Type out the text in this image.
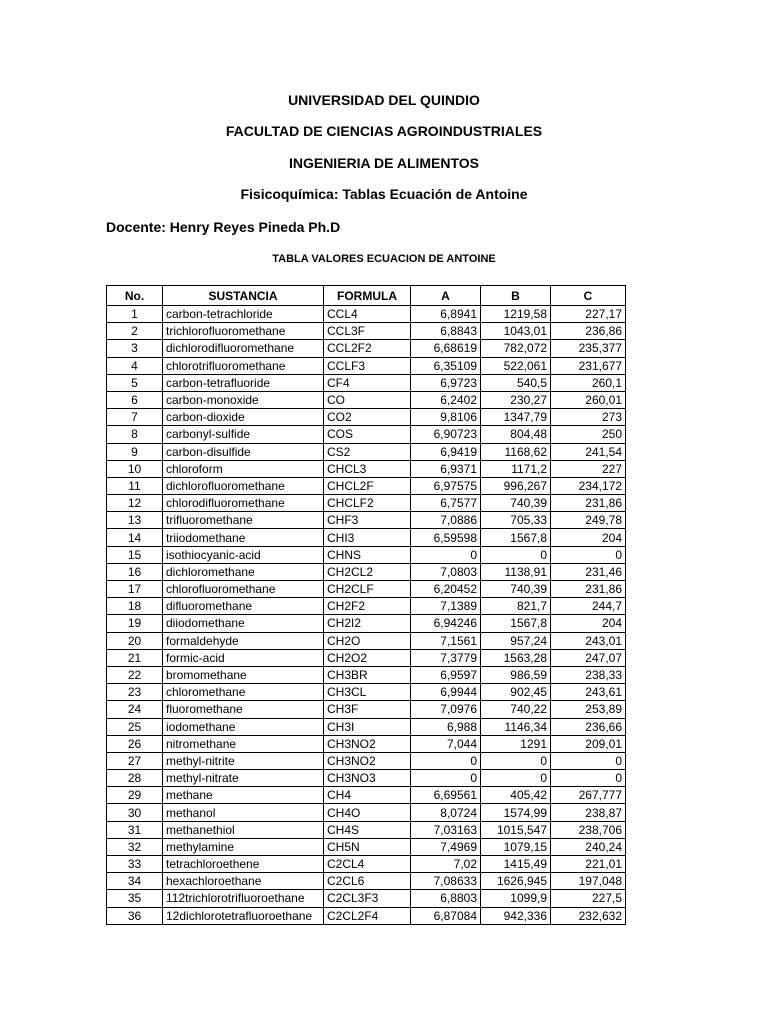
UNIVERSIDAD DEL QUINDIO
FACULTAD DE CIENCIAS AGROINDUSTRIALES
INGENIERIA DE ALIMENTOS
Fisicoquímica: Tablas Ecuación de Antoine
Docente: Henry Reyes Pineda Ph.D
TABLA VALORES ECUACION DE ANTOINE
No.	SUSTANCIA	FORMULA	A	B	C
1	carbon-tetrachloride	CCL4	6,8941	1219,58	227,17
2	trichlorofluoromethane	CCL3F	6,8843	1043,01	236,86
3	dichlorodifluoromethane	CCL2F2	6,68619	782,072	235,377
4	chlorotrifluoromethane	CCLF3	6,35109	522,061	231,677
5	carbon-tetrafluoride	CF4	6,9723	540,5	260,1
6	carbon-monoxide	CO	6,2402	230,27	260,01
7	carbon-dioxide	CO2	9,8106	1347,79	273
8	carbonyl-sulfide	COS	6,90723	804,48	250
9	carbon-disulfide	CS2	6,9419	1168,62	241,54
10	chloroform	CHCL3	6,9371	1171,2	227
11	dichlorofluoromethane	CHCL2F	6,97575	996,267	234,172
12	chlorodifluoromethane	CHCLF2	6,7577	740,39	231,86
13	trifluoromethane	CHF3	7,0886	705,33	249,78
14	triiodomethane	CHI3	6,59598	1567,8	204
15	isothiocyanic-acid	CHNS	0	0	0
16	dichloromethane	CH2CL2	7,0803	1138,91	231,46
17	chlorofluoromethane	CH2CLF	6,20452	740,39	231,86
18	difluoromethane	CH2F2	7,1389	821,7	244,7
19	diiodomethane	CH2I2	6,94246	1567,8	204
20	formaldehyde	CH2O	7,1561	957,24	243,01
21	formic-acid	CH2O2	7,3779	1563,28	247,07
22	bromomethane	CH3BR	6,9597	986,59	238,33
23	chloromethane	CH3CL	6,9944	902,45	243,61
24	fluoromethane	CH3F	7,0976	740,22	253,89
25	iodomethane	CH3I	6,988	1146,34	236,66
26	nitromethane	CH3NO2	7,044	1291	209,01
27	methyl-nitrite	CH3NO2	0	0	0
28	methyl-nitrate	CH3NO3	0	0	0
29	methane	CH4	6,69561	405,42	267,777
30	methanol	CH4O	8,0724	1574,99	238,87
31	methanethiol	CH4S	7,03163	1015,547	238,706
32	methylamine	CH5N	7,4969	1079,15	240,24
33	tetrachloroethene	C2CL4	7,02	1415,49	221,01
34	hexachloroethane	C2CL6	7,08633	1626,945	197,048
35	112trichlorotrifluoroethane	C2CL3F3	6,8803	1099,9	227,5
36	12dichlorotetrafluoroethane	C2CL2F4	6,87084	942,336	232,632
